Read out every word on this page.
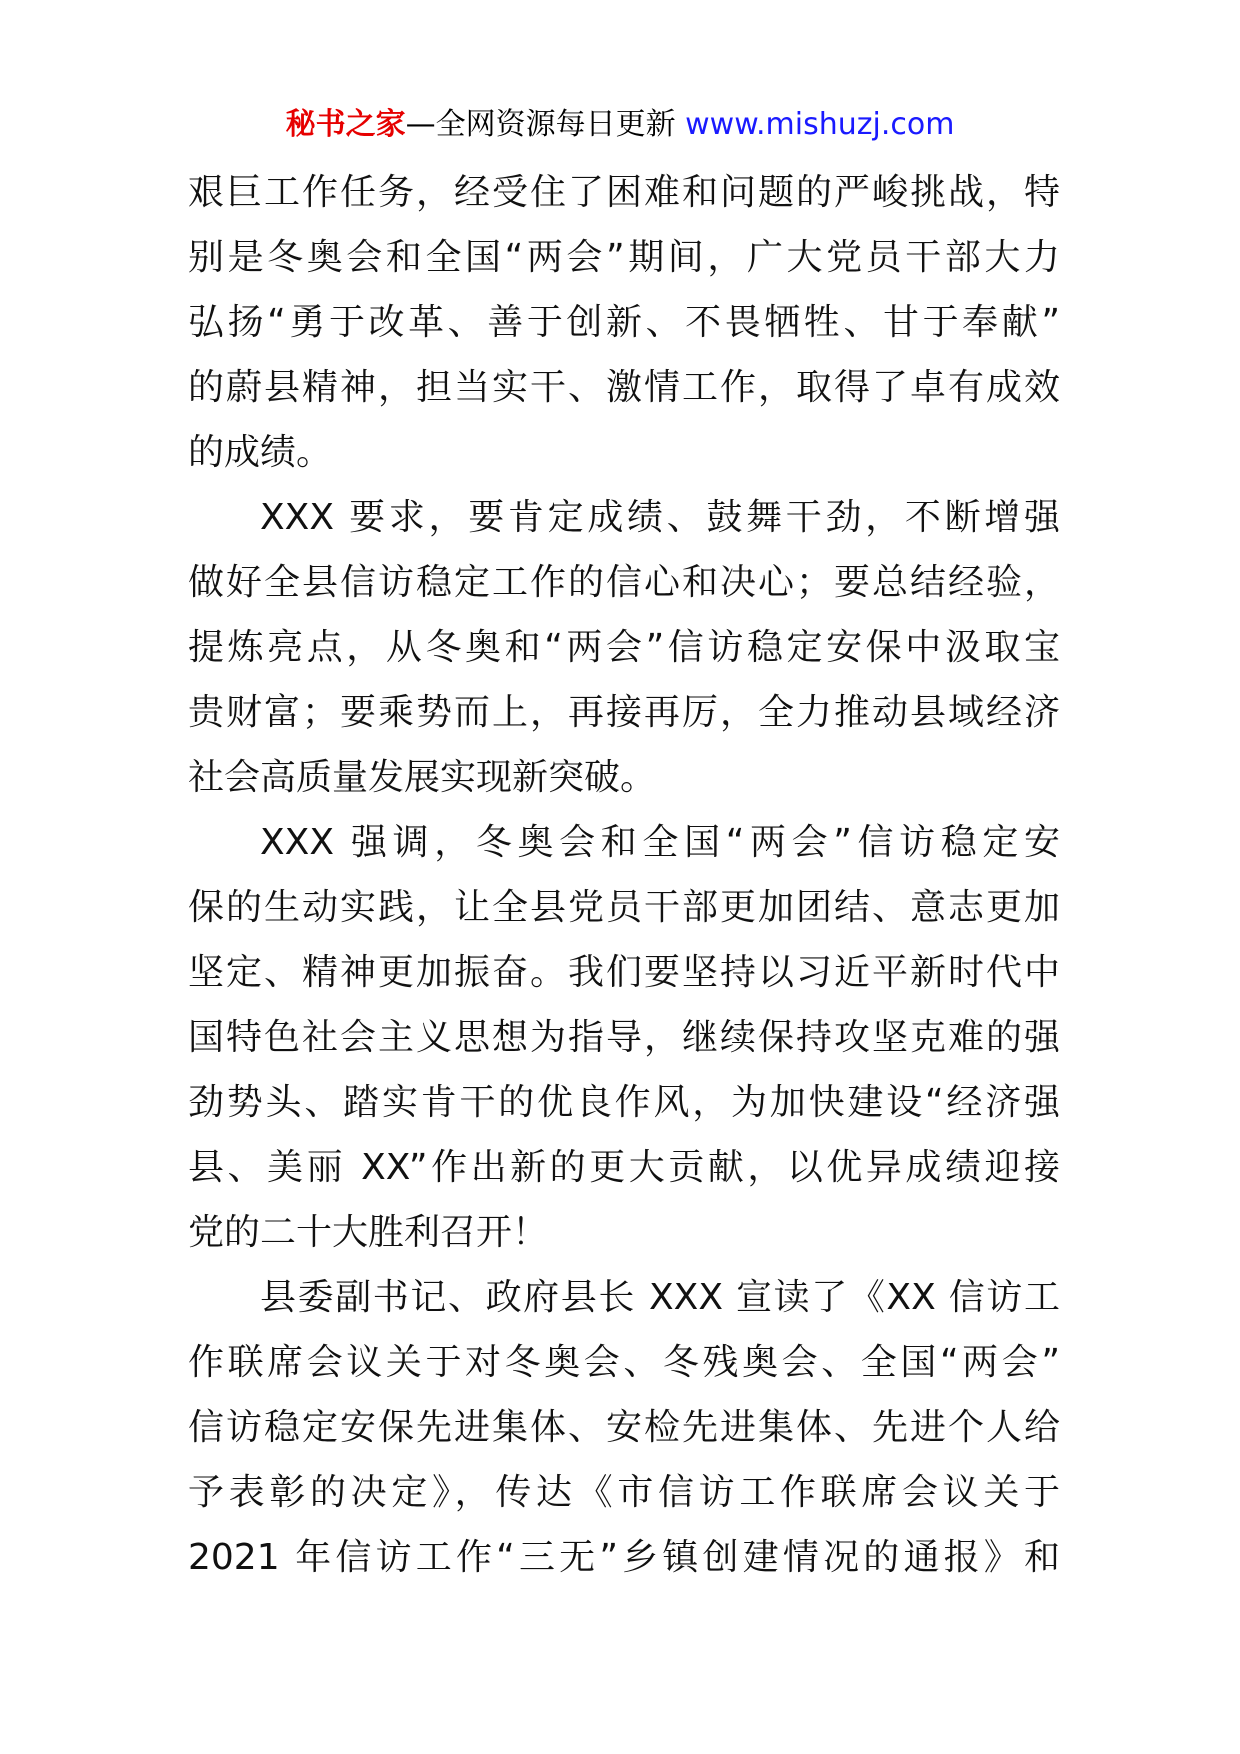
秘书之家—全网资源每日更新 www.mishuzj.com

艰巨工作任务，经受住了困难和问题的严峻挑战，特
别是冬奥会和全国“两会”期间，广大党员干部大力
弘扬“勇于改革、善于创新、不畏牺牲、甘于奉献”
的蔚县精神，担当实干、激情工作，取得了卓有成效
的成绩。

XXX 要求，要肯定成绩、鼓舞干劲，不断增强
做好全县信访稳定工作的信心和决心；要总结经验，
提炼亮点，从冬奥和“两会”信访稳定安保中汲取宝
贵财富；要乘势而上，再接再厉，全力推动县域经济
社会高质量发展实现新突破。

XXX 强调，冬奥会和全国“两会”信访稳定安
保的生动实践，让全县党员干部更加团结、意志更加
坚定、精神更加振奋。我们要坚持以习近平新时代中
国特色社会主义思想为指导，继续保持攻坚克难的强
劲势头、踏实肯干的优良作风，为加快建设“经济强
县、美丽 XX”作出新的更大贡献，以优异成绩迎接
党的二十大胜利召开！

县委副书记、政府县长 XXX 宣读了《XX 信访工
作联席会议关于对冬奥会、冬残奥会、全国“两会”
信访稳定安保先进集体、安检先进集体、先进个人给
予表彰的决定》，传达《市信访工作联席会议关于
2021 年信访工作“三无”乡镇创建情况的通报》和
